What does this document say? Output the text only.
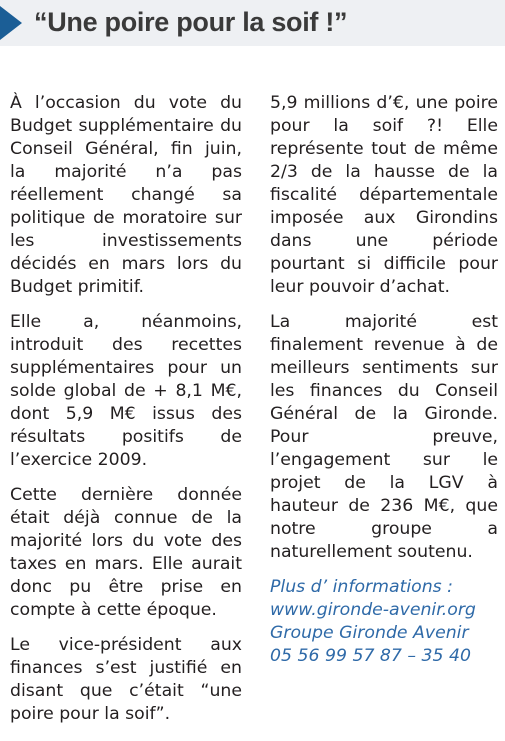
“Une poire pour la soif !”

À l’occasion du vote du Budget supplémentaire du Conseil Général, fin juin, la majorité n’a pas réellement changé sa politique de moratoire sur les investissements décidés en mars lors du Budget primitif.

Elle a, néanmoins, introduit des recettes supplémentaires pour un solde global de + 8,1 M€, dont 5,9 M€ issus des résultats positifs de l’exercice 2009.

Cette dernière donnée était déjà connue de la majorité lors du vote des taxes en mars. Elle aurait donc pu être prise en compte à cette époque.

Le vice-président aux finances s’est justifié en disant que c’était “une poire pour la soif”.

5,9 millions d’€, une poire pour la soif ?! Elle représente tout de même 2/3 de la hausse de la fiscalité départementale imposée aux Girondins dans une période pourtant si difficile pour leur pouvoir d’achat.

La majorité est finalement revenue à de meilleurs sentiments sur les finances du Conseil Général de la Gironde. Pour preuve, l’engagement sur le projet de la LGV à hauteur de 236 M€, que notre groupe a naturellement soutenu.

Plus d’ informations :
www.gironde-avenir.org
Groupe Gironde Avenir
05 56 99 57 87 – 35 40
